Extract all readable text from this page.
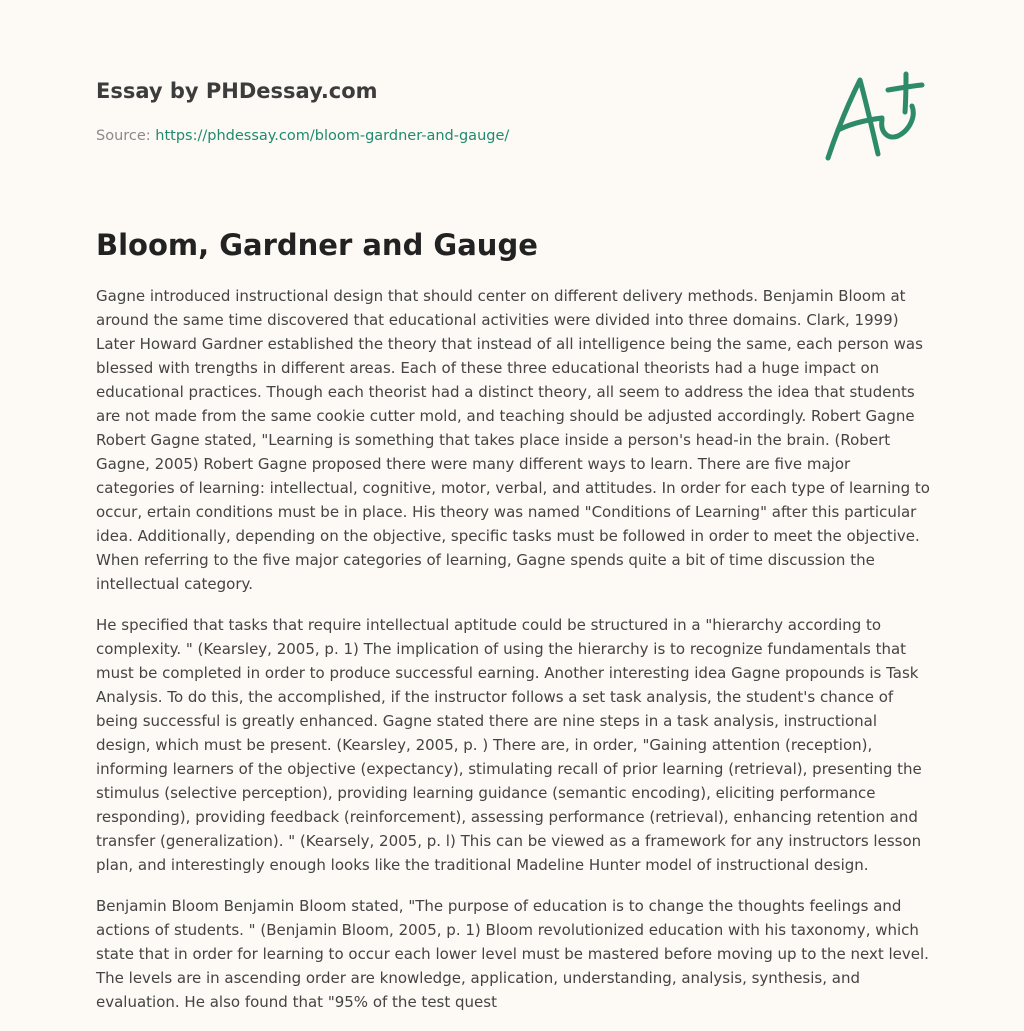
Essay by PHDessay.com
Source: https://phdessay.com/bloom-gardner-and-gauge/
Bloom, Gardner and Gauge

Gagne introduced instructional design that should center on different delivery methods. Benjamin Bloom at around the same time discovered that educational activities were divided into three domains. Clark, 1999) Later Howard Gardner established the theory that instead of all intelligence being the same, each person was blessed with trengths in different areas. Each of these three educational theorists had a huge impact on educational practices. Though each theorist had a distinct theory, all seem to address the idea that students are not made from the same cookie cutter mold, and teaching should be adjusted accordingly. Robert Gagne Robert Gagne stated, "Learning is something that takes place inside a person's head-in the brain. (Robert Gagne, 2005) Robert Gagne proposed there were many different ways to learn. There are five major categories of learning: intellectual, cognitive, motor, verbal, and attitudes. In order for each type of learning to occur, ertain conditions must be in place. His theory was named "Conditions of Learning" after this particular idea. Additionally, depending on the objective, specific tasks must be followed in order to meet the objective. When referring to the five major categories of learning, Gagne spends quite a bit of time discussion the intellectual category.

He specified that tasks that require intellectual aptitude could be structured in a "hierarchy according to complexity. " (Kearsley, 2005, p. 1) The implication of using the hierarchy is to recognize fundamentals that must be completed in order to produce successful earning. Another interesting idea Gagne propounds is Task Analysis. To do this, the accomplished, if the instructor follows a set task analysis, the student's chance of being successful is greatly enhanced. Gagne stated there are nine steps in a task analysis, instructional design, which must be present. (Kearsley, 2005, p. ) There are, in order, "Gaining attention (reception), informing learners of the objective (expectancy), stimulating recall of prior learning (retrieval), presenting the stimulus (selective perception), providing learning guidance (semantic encoding), eliciting performance responding), providing feedback (reinforcement), assessing performance (retrieval), enhancing retention and transfer (generalization). " (Kearsely, 2005, p. l) This can be viewed as a framework for any instructors lesson plan, and interestingly enough looks like the traditional Madeline Hunter model of instructional design.

Benjamin Bloom Benjamin Bloom stated, "The purpose of education is to change the thoughts feelings and actions of students. " (Benjamin Bloom, 2005, p. 1) Bloom revolutionized education with his taxonomy, which state that in order for learning to occur each lower level must be mastered before moving up to the next level. The levels are in ascending order are knowledge, application, understanding, analysis, synthesis, and evaluation. He also found that "95% of the test quest
